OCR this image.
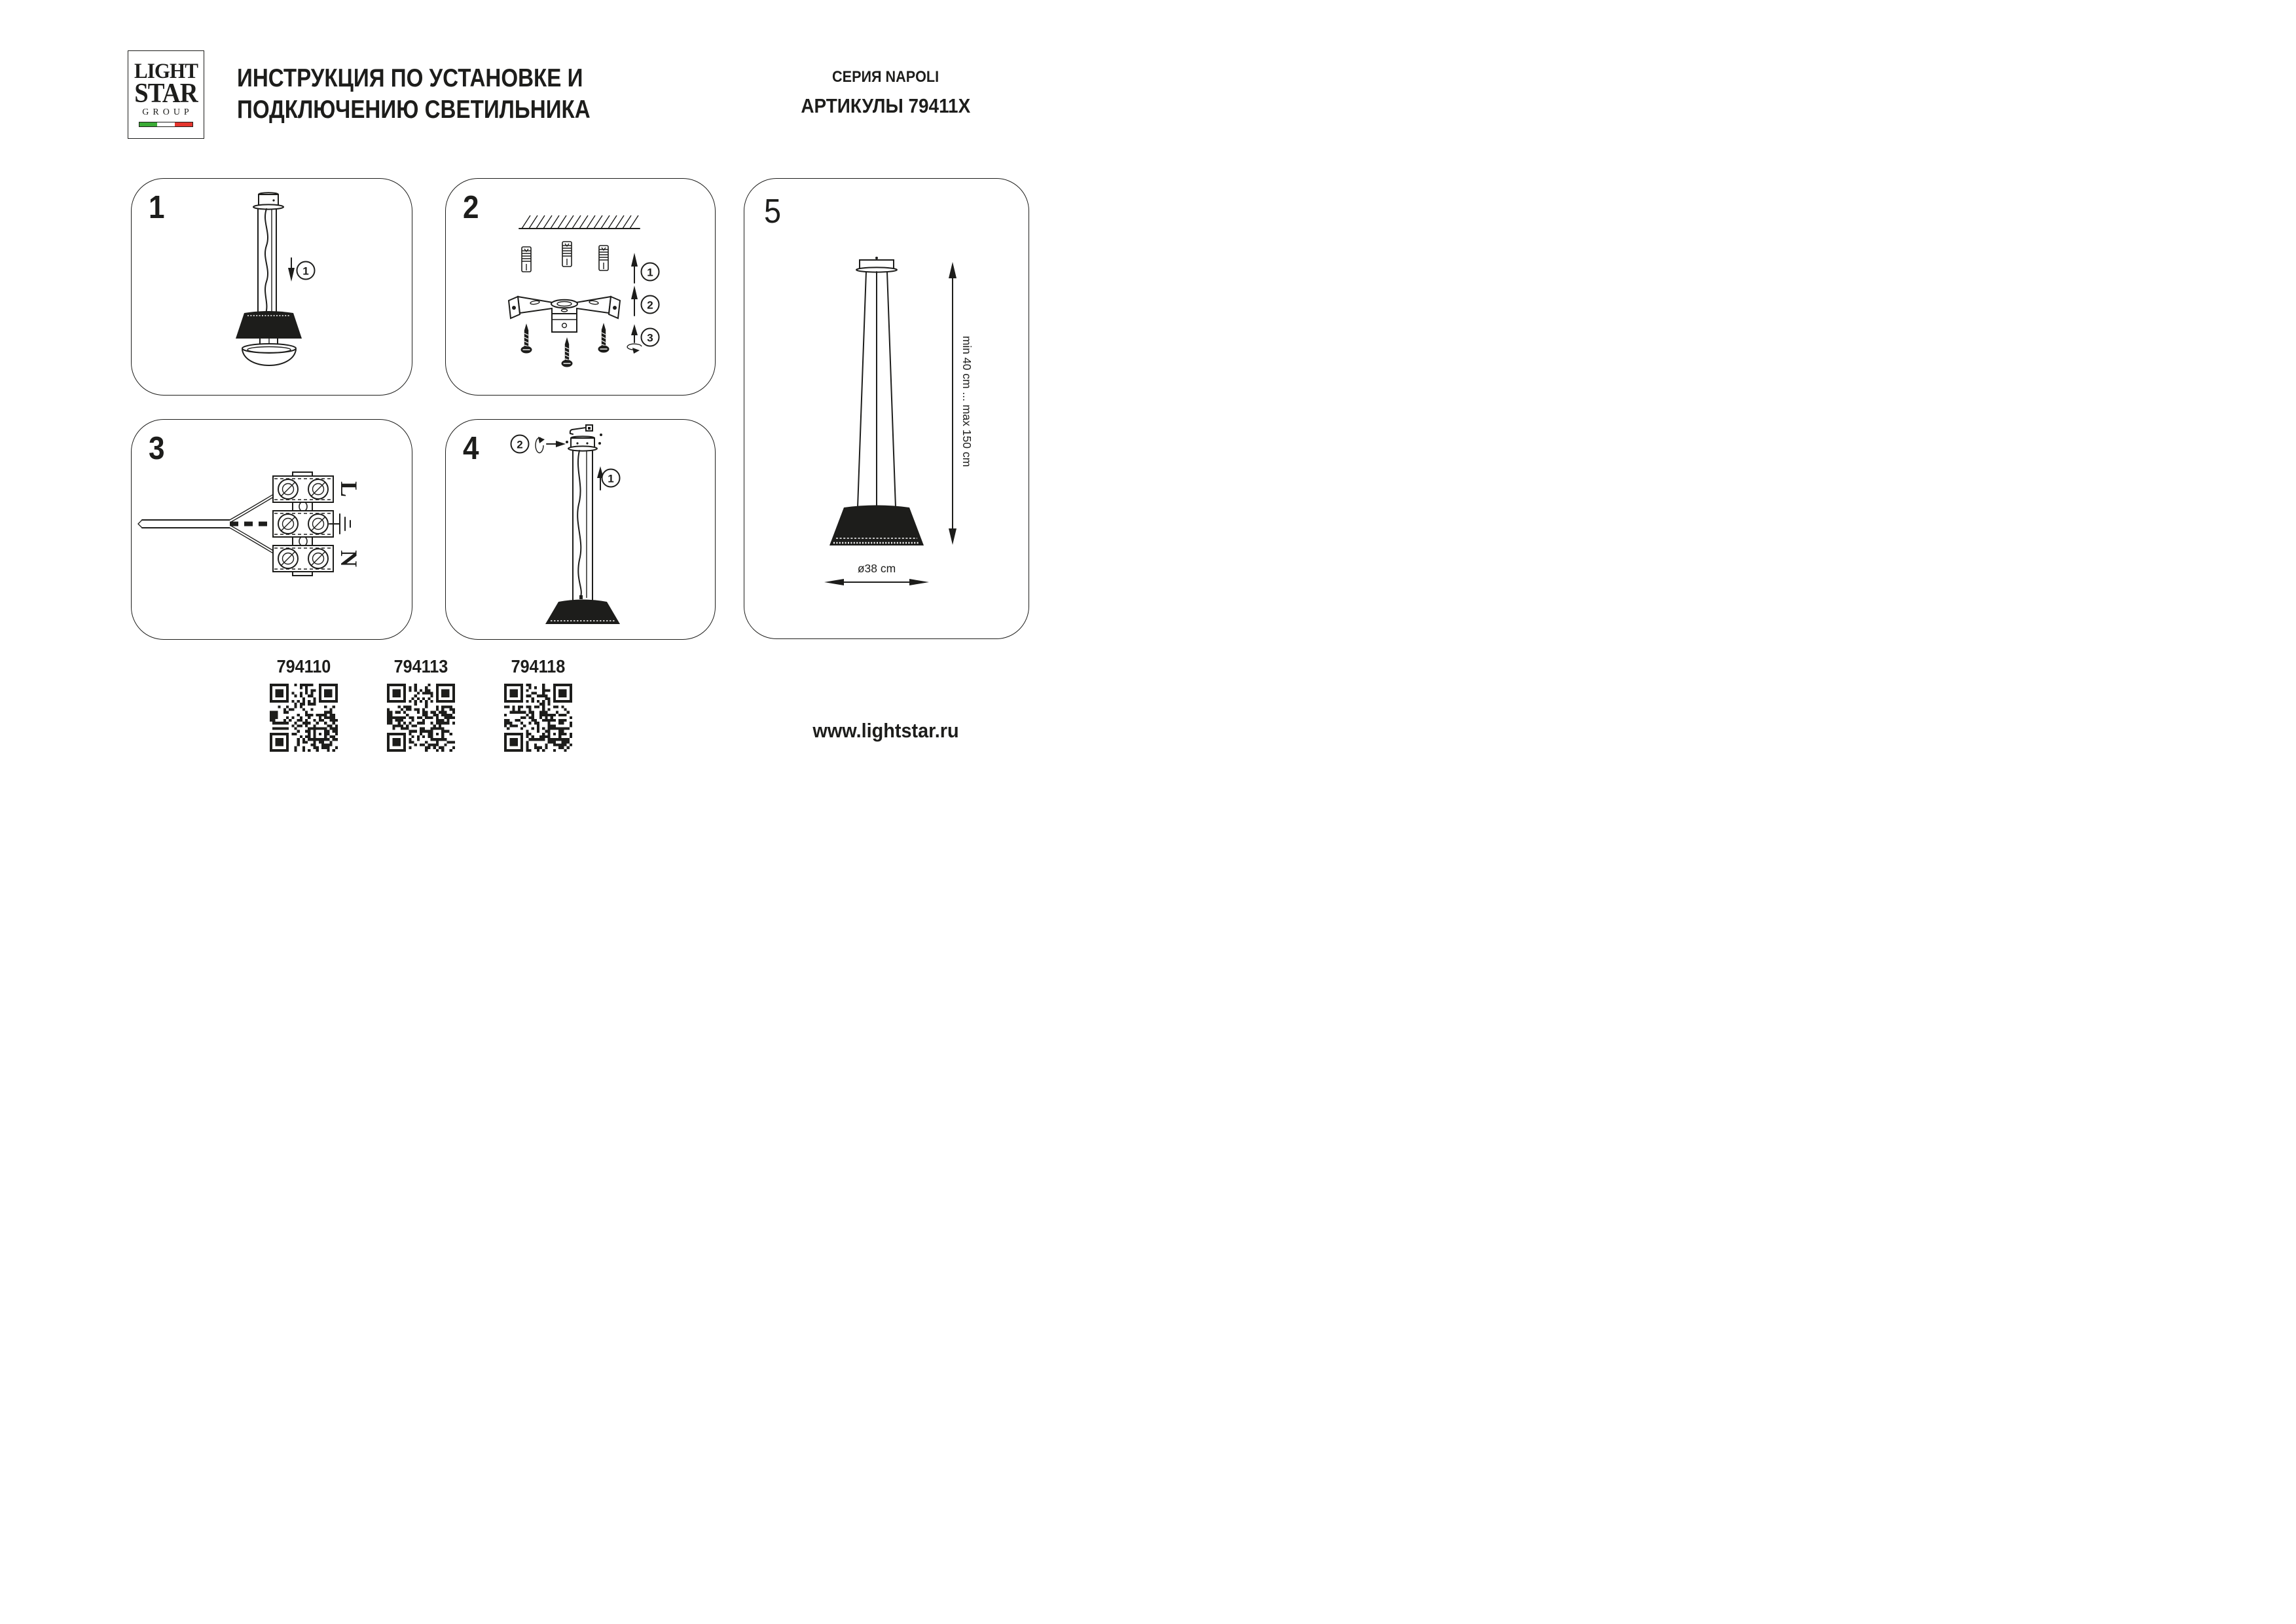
LIGHT
STAR
GROUP
ИНСТРУКЦИЯ ПО УСТАНОВКЕ И
ПОДКЛЮЧЕНИЮ СВЕТИЛЬНИКА
СЕРИЯ NAPOLI
АРТИКУЛЫ 79411X
1
1
2
1
2
3
3
L
N
4	2
1
5
min 40 cm ... max 150 cm
ø38 cm
794110	794113	794118
www.lightstar.ru
